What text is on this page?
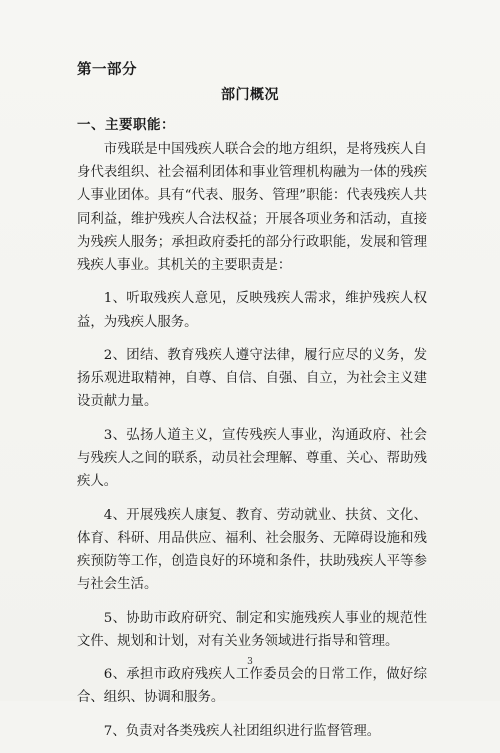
第一部分
部门概况
一、主要职能：

市残联是中国残疾人联合会的地方组织，是将残疾人自身代表组织、社会福利团体和事业管理机构融为一体的残疾人事业团体。具有“代表、服务、管理”职能：代表残疾人共同利益，维护残疾人合法权益；开展各项业务和活动，直接为残疾人服务；承担政府委托的部分行政职能，发展和管理残疾人事业。其机关的主要职责是：

1、听取残疾人意见，反映残疾人需求，维护残疾人权益，为残疾人服务。

2、团结、教育残疾人遵守法律，履行应尽的义务，发扬乐观进取精神，自尊、自信、自强、自立，为社会主义建设贡献力量。

3、弘扬人道主义，宣传残疾人事业，沟通政府、社会与残疾人之间的联系，动员社会理解、尊重、关心、帮助残疾人。

4、开展残疾人康复、教育、劳动就业、扶贫、文化、体育、科研、用品供应、福利、社会服务、无障碍设施和残疾预防等工作，创造良好的环境和条件，扶助残疾人平等参与社会生活。

5、协助市政府研究、制定和实施残疾人事业的规范性文件、规划和计划，对有关业务领域进行指导和管理。

6、承担市政府残疾人工作委员会的日常工作，做好综合、组织、协调和服务。

7、负责对各类残疾人社团组织进行监督管理。

3
